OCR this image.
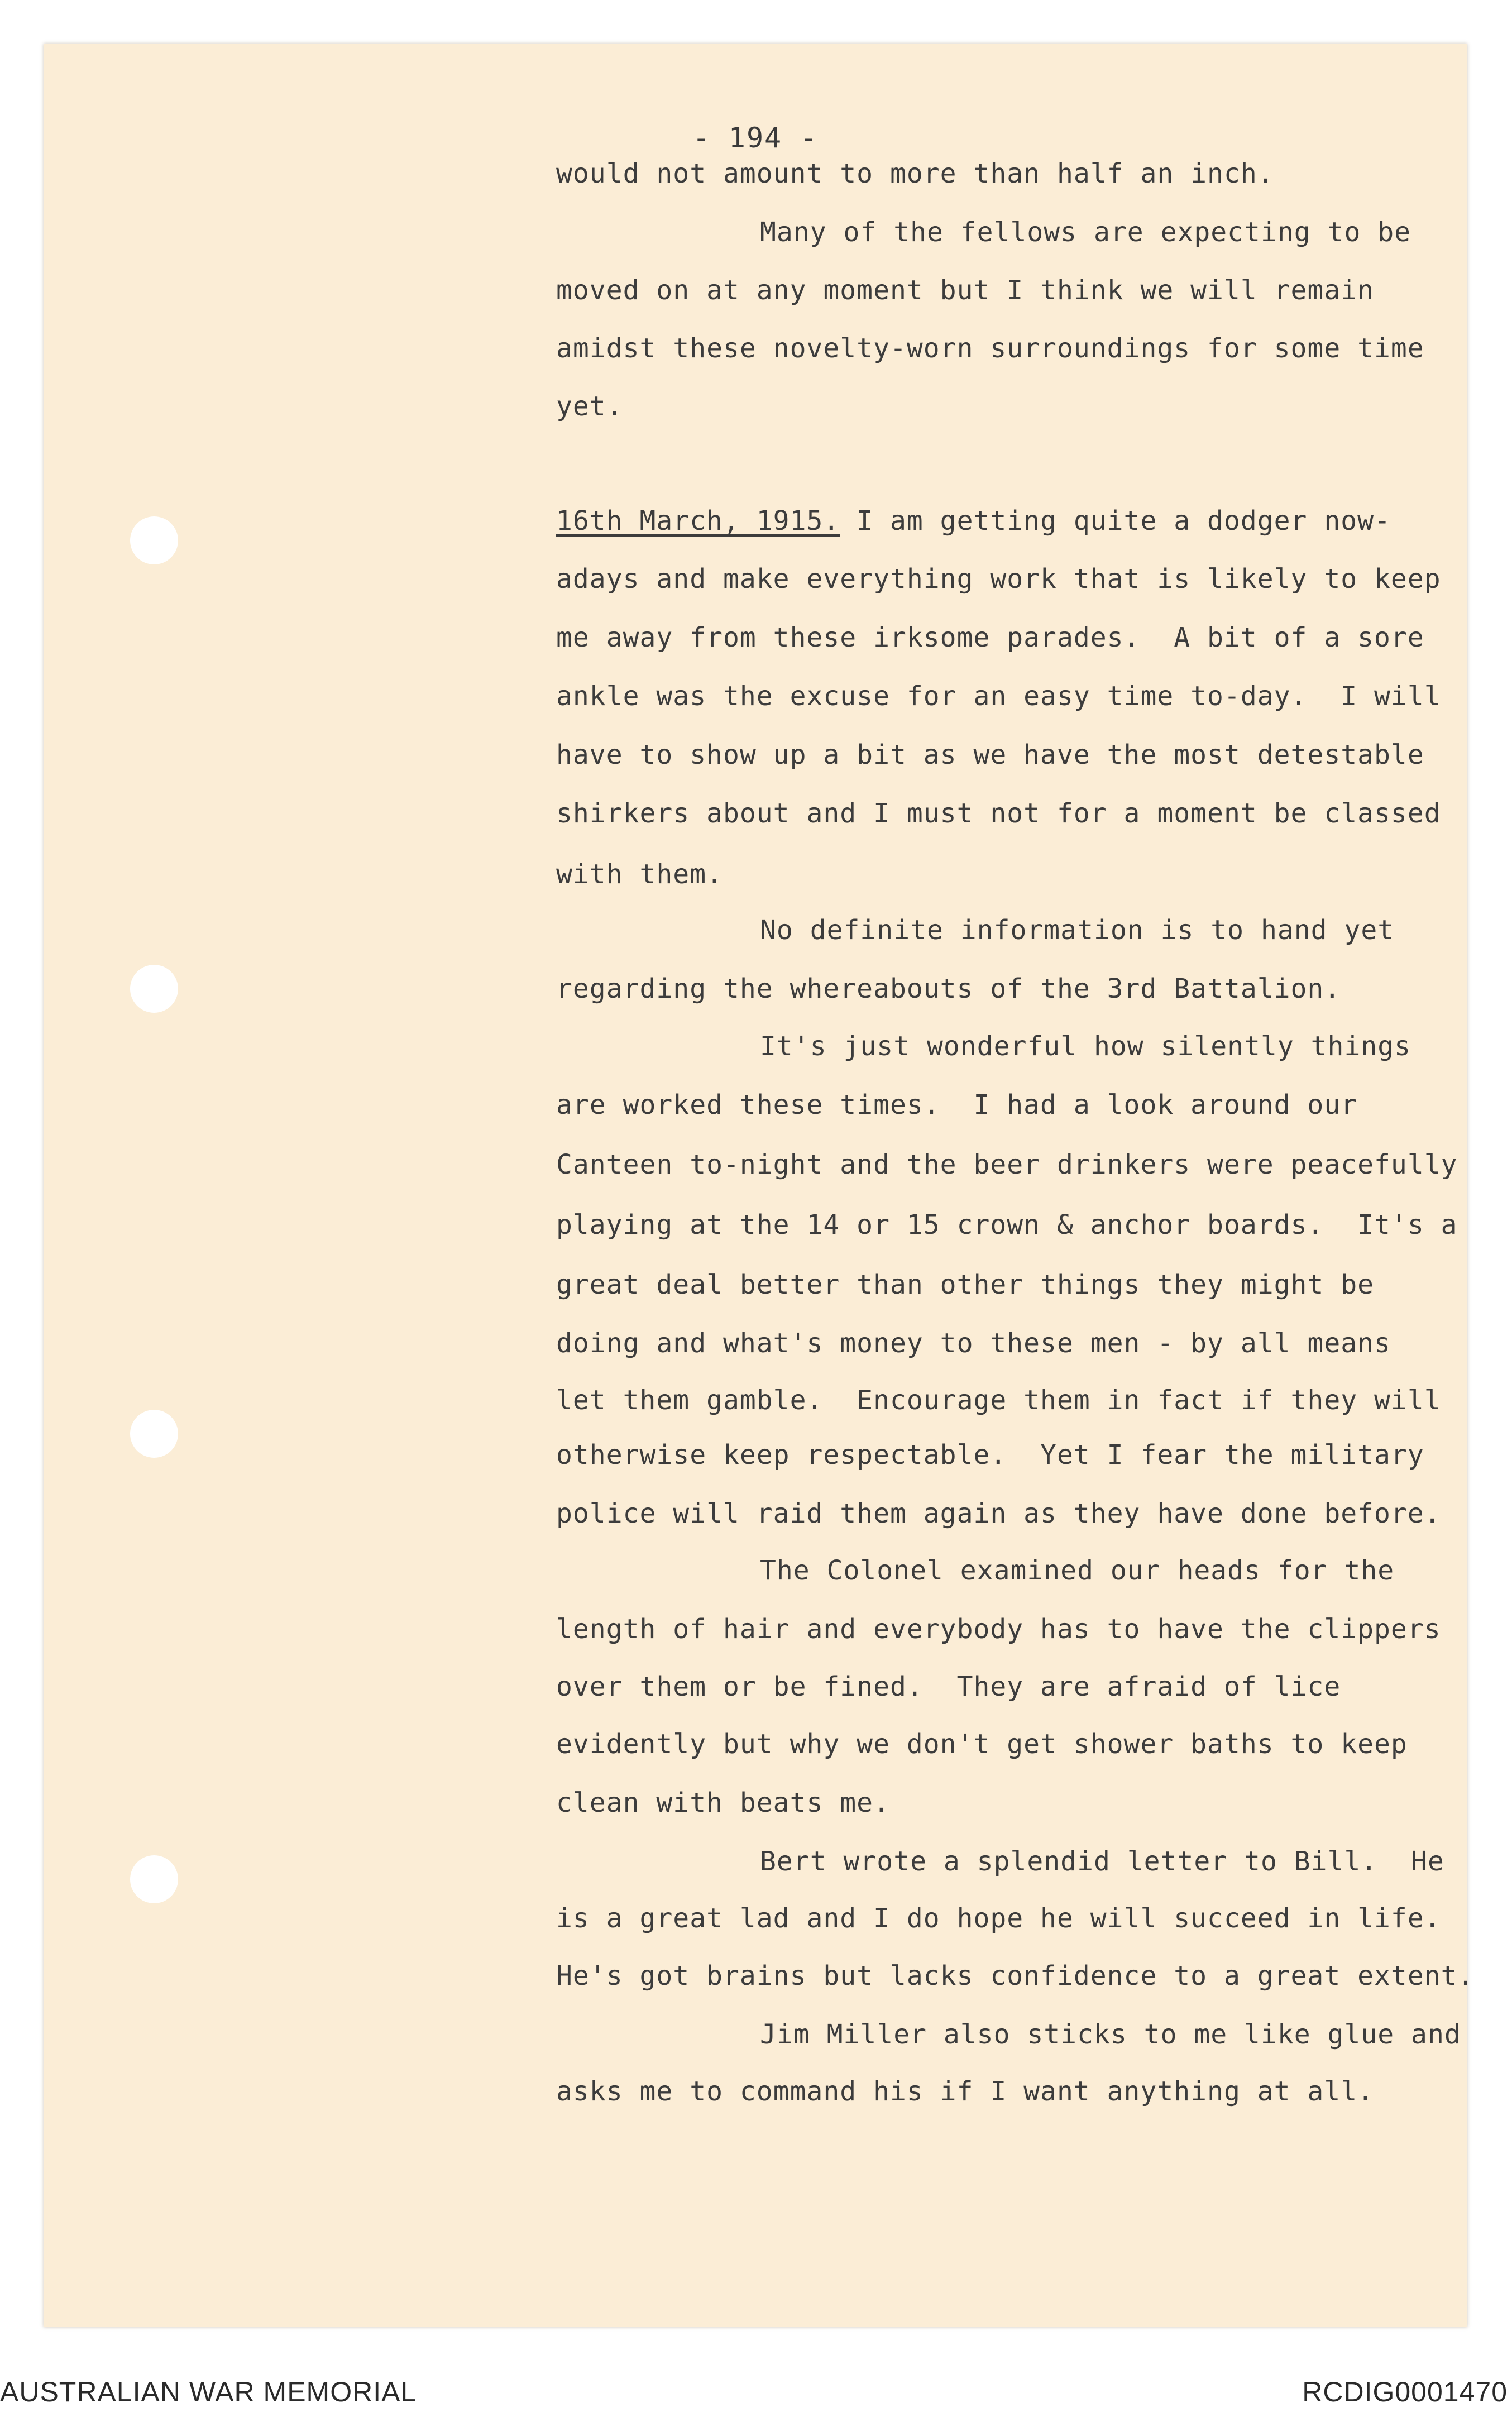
- 194 -
would not amount to more than half an inch.
Many of the fellows are expecting to be
moved on at any moment but I think we will remain
amidst these novelty-worn surroundings for some time
yet.
16th March, 1915. I am getting quite a dodger now-
adays and make everything work that is likely to keep
me away from these irksome parades.  A bit of a sore
ankle was the excuse for an easy time to-day.  I will
have to show up a bit as we have the most detestable
shirkers about and I must not for a moment be classed
with them.
No definite information is to hand yet
regarding the whereabouts of the 3rd Battalion.
It's just wonderful how silently things
are worked these times.  I had a look around our
Canteen to-night and the beer drinkers were peacefully
playing at the 14 or 15 crown & anchor boards.  It's a
great deal better than other things they might be
doing and what's money to these men - by all means
let them gamble.  Encourage them in fact if they will
otherwise keep respectable.  Yet I fear the military
police will raid them again as they have done before.
The Colonel examined our heads for the
length of hair and everybody has to have the clippers
over them or be fined.  They are afraid of lice
evidently but why we don't get shower baths to keep
clean with beats me.
Bert wrote a splendid letter to Bill.  He
is a great lad and I do hope he will succeed in life.
He's got brains but lacks confidence to a great extent.
Jim Miller also sticks to me like glue and
asks me to command his if I want anything at all.
AUSTRALIAN WAR MEMORIAL	RCDIG0001470
